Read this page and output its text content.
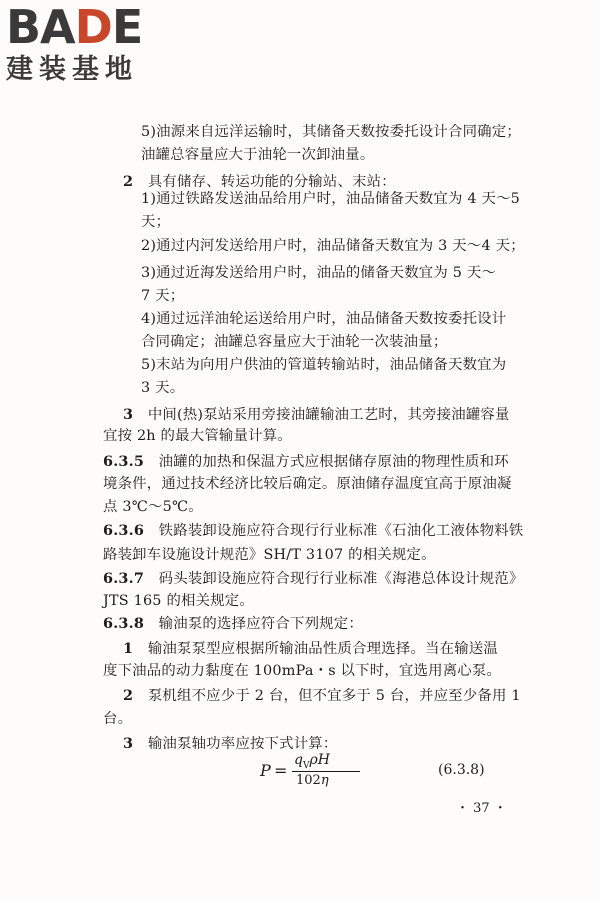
BADE
建装基地
5)油源来自远洋运输时，其储备天数按委托设计合同确定；
油罐总容量应大于油轮一次卸油量。
2  具有储存、转运功能的分输站、末站：
1)通过铁路发送油品给用户时，油品储备天数宜为 4 天～5
天；
2)通过内河发送给用户时，油品储备天数宜为 3 天～4 天；
3)通过近海发送给用户时，油品的储备天数宜为 5 天～
7 天；
4)通过远洋油轮运送给用户时，油品储备天数按委托设计
合同确定；油罐总容量应大于油轮一次装油量；
5)末站为向用户供油的管道转输站时，油品储备天数宜为
3 天。
3  中间(热)泵站采用旁接油罐输油工艺时，其旁接油罐容量
宜按 2h 的最大管输量计算。
6.3.5  油罐的加热和保温方式应根据储存原油的物理性质和环
境条件，通过技术经济比较后确定。原油储存温度宜高于原油凝
点 3℃～5℃。
6.3.6  铁路装卸设施应符合现行行业标准《石油化工液体物料铁
路装卸车设施设计规范》SH/T 3107 的相关规定。
6.3.7  码头装卸设施应符合现行行业标准《海港总体设计规范》
JTS 165 的相关规定。
6.3.8  输油泵的选择应符合下列规定：
1  输油泵泵型应根据所输油品性质合理选择。当在输送温
度下油品的动力黏度在 100mPa・s 以下时，宜选用离心泵。
2  泵机组不应少于 2 台，但不宜多于 5 台，并应至少备用 1
台。
3  输油泵轴功率应按下式计算：
P =
$q_V\rho H$
102η
(6.3.8)
・ 37 ・
